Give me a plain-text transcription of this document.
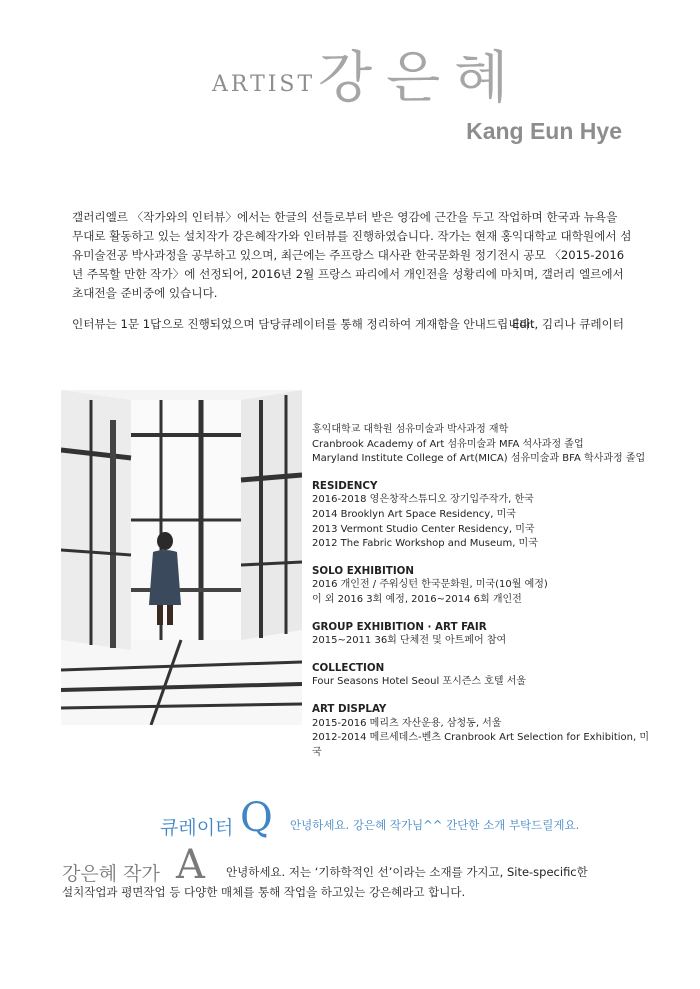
ARTIST 강은혜
Kang Eun Hye

갤러리엘르 〈작가와의 인터뷰〉에서는 한글의 선들로부터 받은 영감에 근간을 두고 작업하며 한국과 뉴욕을 무대로 활동하고 있는 설치작가 강은혜작가와 인터뷰를 진행하였습니다. 작가는 현재 홍익대학교 대학원에서 섬유미술전공 박사과정을 공부하고 있으며, 최근에는 주프랑스 대사관 한국문화원 정기전시 공모 〈2015-2016년 주목할 만한 작가〉에 선정되어, 2016년 2월 프랑스 파리에서 개인전을 성황리에 마치며, 갤러리 엘르에서 초대전을 준비중에 있습니다.

인터뷰는 1문 1답으로 진행되었으며 담당큐레이터를 통해 정리하여 게재함을 안내드립니다.

Edit, 김리나 큐레이터
홍익대학교 대학원 섬유미술과 박사과정 재학
Cranbrook Academy of Art 섬유미술과 MFA 석사과정 졸업
Maryland Institute College of Art(MICA) 섬유미술과 BFA 학사과정 졸업
RESIDENCY
2016-2018 영은창작스튜디오 장기입주작가, 한국
2014 Brooklyn Art Space Residency, 미국
2013 Vermont Studio Center Residency, 미국
2012 The Fabric Workshop and Museum, 미국
SOLO EXHIBITION
2016 개인전 / 주워싱턴 한국문화원, 미국(10월 예정)
이 외 2016 3회 예정, 2016~2014 6회 개인전
GROUP EXHIBITION · ART FAIR
2015~2011 36회 단체전 및 아트페어 참여
COLLECTION
Four Seasons Hotel Seoul 포시즌스 호텔 서울
ART DISPLAY
2015-2016 메리츠 자산운용, 삼청동, 서울
2012-2014 메르세데스-벤츠 Cranbrook Art Selection for Exhibition, 미국
큐레이터 Q 안녕하세요. 강은혜 작가님^^ 간단한 소개 부탁드릴게요.
강은혜 작가 A 안녕하세요. 저는 ‘기하학적인 선’이라는 소재를 가지고, Site-specific한
설치작업과 평면작업 등 다양한 매체를 통해 작업을 하고있는 강은혜라고 합니다.
